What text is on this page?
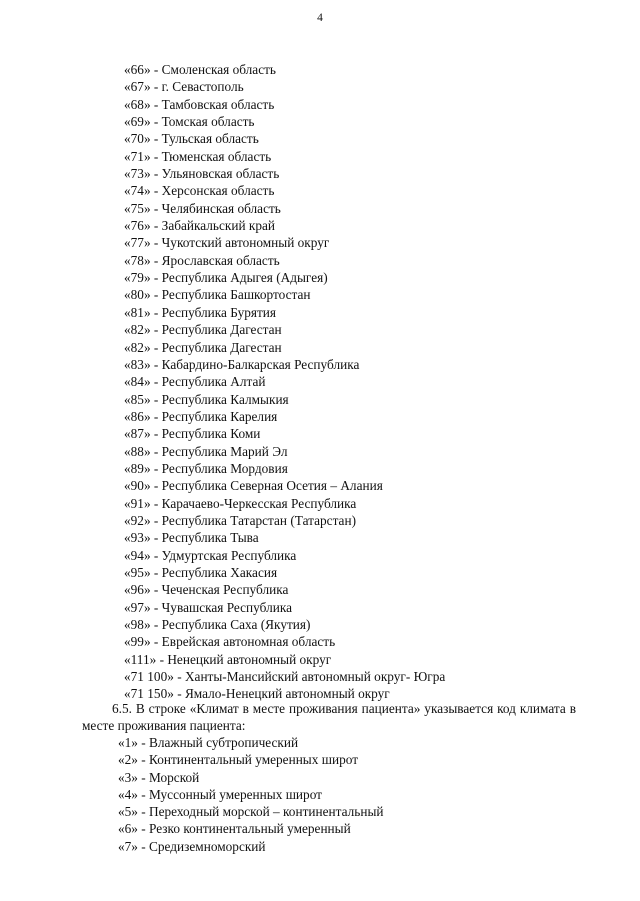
4
«66» - Смоленская область
«67» - г. Севастополь
«68» - Тамбовская область
«69» - Томская область
«70» - Тульская область
«71» - Тюменская область
«73» - Ульяновская область
«74» - Херсонская область
«75» - Челябинская область
«76» - Забайкальский край
«77» - Чукотский автономный округ
«78» - Ярославская область
«79» - Республика Адыгея (Адыгея)
«80» - Республика Башкортостан
«81» - Республика Бурятия
«82» - Республика Дагестан
«82» - Республика Дагестан
«83» - Кабардино-Балкарская Республика
«84» - Республика Алтай
«85» - Республика Калмыкия
«86» - Республика Карелия
«87» - Республика Коми
«88» - Республика Марий Эл
«89» - Республика Мордовия
«90» - Республика Северная Осетия – Алания
«91» - Карачаево-Черкесская Республика
«92» - Республика Татарстан (Татарстан)
«93» - Республика Тыва
«94» - Удмуртская Республика
«95» - Республика Хакасия
«96» - Чеченская Республика
«97» - Чувашская Республика
«98» - Республика Саха (Якутия)
«99» - Еврейская автономная область
«111» - Ненецкий автономный округ
«71 100» - Ханты-Мансийский автономный округ- Югра
«71 150» - Ямало-Ненецкий автономный округ

6.5. В строке «Климат в месте проживания пациента» указывается код климата в месте проживания пациента:

«1» - Влажный субтропический
«2» - Континентальный умеренных широт
«3» - Морской
«4» - Муссонный умеренных широт
«5» - Переходный морской – континентальный
«6» - Резко континентальный умеренный
«7» - Средиземноморский
